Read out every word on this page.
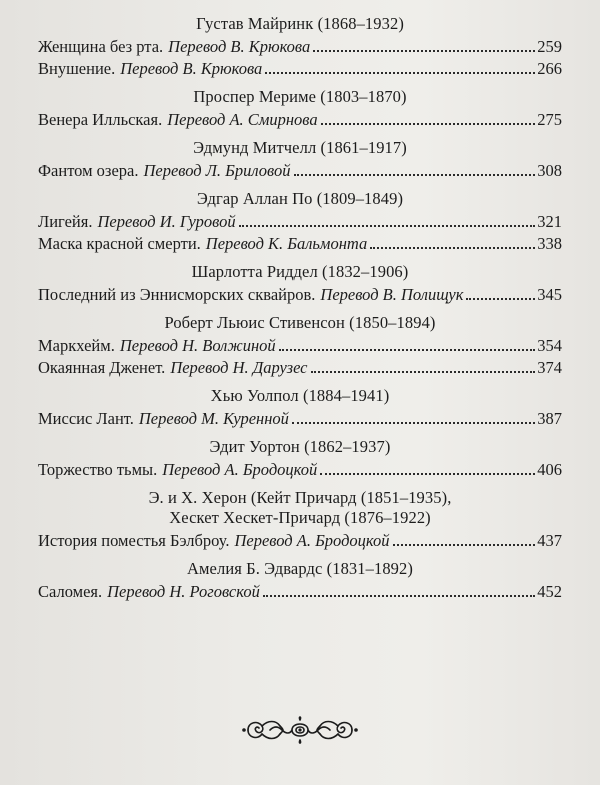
Густав Майринк (1868–1932)
Женщина без рта. Перевод В. Крюкова	259
Внушение. Перевод В. Крюкова	266
Проспер Мериме (1803–1870)
Венера Илльская. Перевод А. Смирнова	275
Эдмунд Митчелл (1861–1917)
Фантом озера. Перевод Л. Бриловой	308
Эдгар Аллан По (1809–1849)
Лигейя. Перевод И. Гуровой	321
Маска красной смерти. Перевод К. Бальмонта	338
Шарлотта Риддел (1832–1906)
Последний из Эннисморских сквайров. Перевод В. Полищук	345
Роберт Льюис Стивенсон (1850–1894)
Маркхейм. Перевод Н. Волжиной	354
Окаянная Дженет. Перевод Н. Дарузес	374
Хью Уолпол (1884–1941)
Миссис Лант. Перевод М. Куренной	387
Эдит Уортон (1862–1937)
Торжество тьмы. Перевод А. Бродоцкой	406
Э. и Х. Херон (Кейт Причард (1851–1935),
Хескет Хескет-Причард (1876–1922)
История поместья Бэлброу. Перевод А. Бродоцкой	437
Амелия Б. Эдвардс (1831–1892)
Саломея. Перевод Н. Роговской	452
